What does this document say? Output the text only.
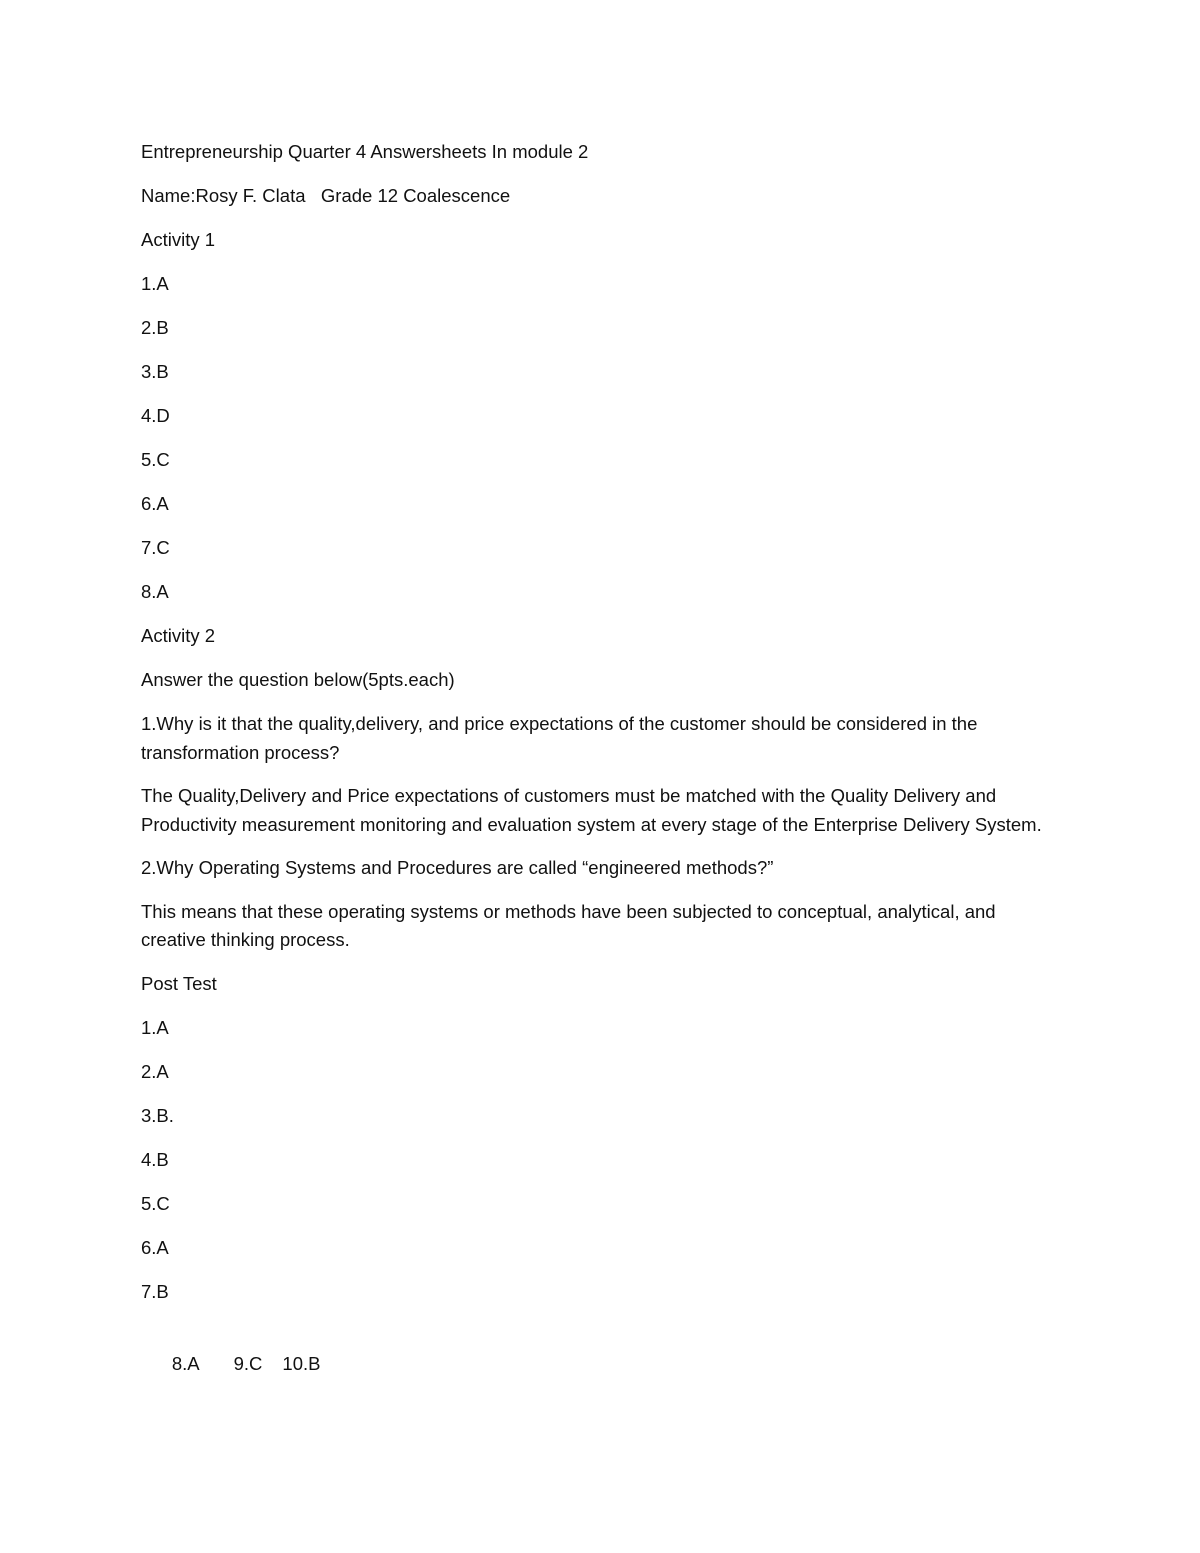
Entrepreneurship Quarter 4 Answersheets In module 2
Name:Rosy F. Clata   Grade 12 Coalescence
Activity 1
1.A
2.B
3.B
4.D
5.C
6.A
7.C
8.A
Activity 2
Answer the question below(5pts.each)
1.Why is it that the quality,delivery, and price expectations of the customer should be considered in the transformation process?
The Quality,Delivery and Price expectations of customers must be matched with the Quality Delivery and Productivity measurement monitoring and evaluation system at every stage of the Enterprise Delivery System.
2.Why Operating Systems and Procedures are called “engineered methods?”
This means that these operating systems or methods have been subjected to conceptual, analytical, and creative thinking process.
Post Test
1.A
2.A
3.B.
4.B
5.C
6.A
7.B

8.A 9.C 10.B
